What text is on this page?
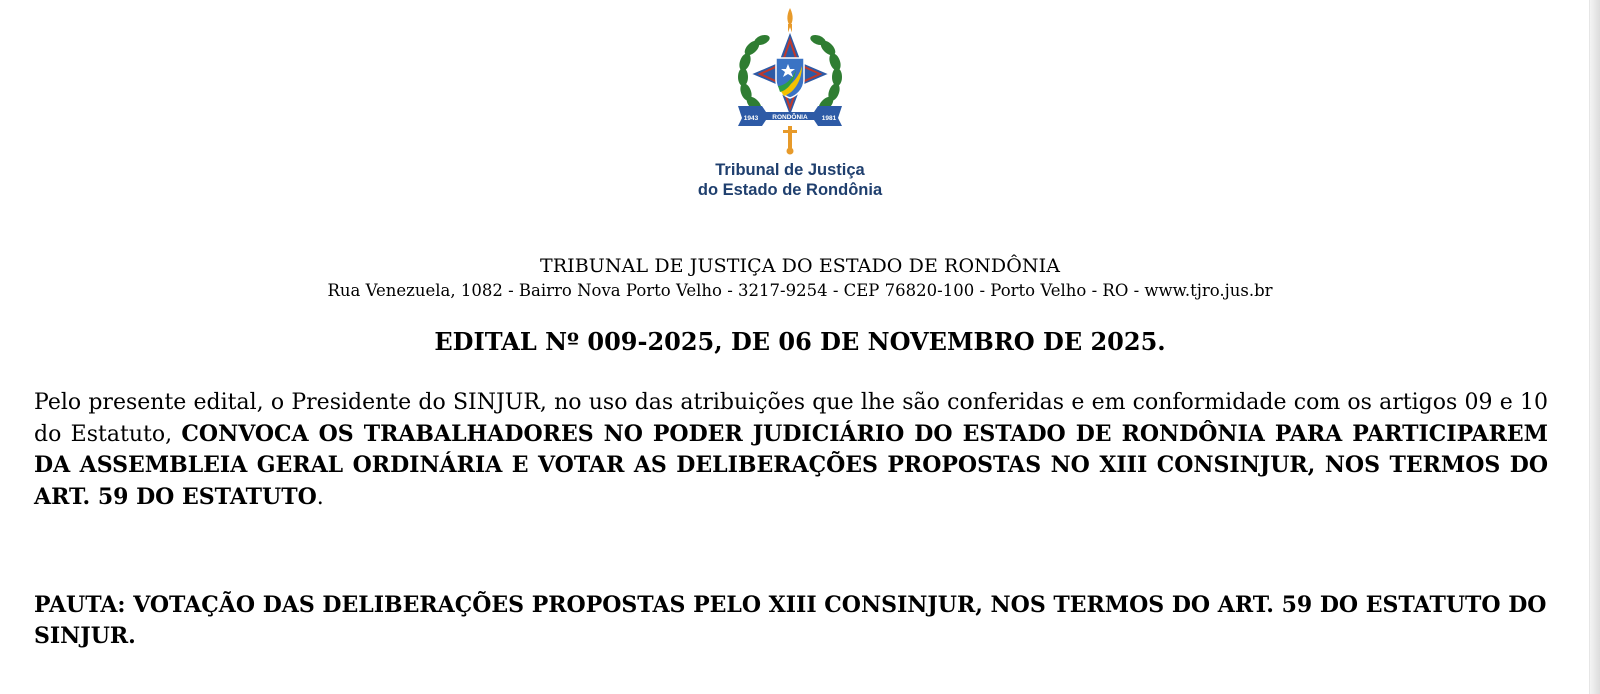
1943 RONDÔNIA 1981
Tribunal de Justiça
do Estado de Rondônia
TRIBUNAL DE JUSTIÇA DO ESTADO DE RONDÔNIA
Rua Venezuela, 1082 - Bairro Nova Porto Velho - 3217-9254 - CEP 76820-100 - Porto Velho - RO - www.tjro.jus.br
EDITAL Nº 009-2025, DE 06 DE NOVEMBRO DE 2025.
Pelo presente edital, o Presidente do SINJUR, no uso das atribuições que lhe são conferidas e em conformidade com os artigos 09 e 10 do Estatuto, CONVOCA OS TRABALHADORES NO PODER JUDICIÁRIO DO ESTADO DE RONDÔNIA PARA PARTICIPAREM DA ASSEMBLEIA GERAL ORDINÁRIA E VOTAR AS DELIBERAÇÕES PROPOSTAS NO XIII CONSINJUR, NOS TERMOS DO ART. 59 DO ESTATUTO.
PAUTA: VOTAÇÃO DAS DELIBERAÇÕES PROPOSTAS PELO XIII CONSINJUR, NOS TERMOS DO ART. 59 DO ESTATUTO DO SINJUR.
